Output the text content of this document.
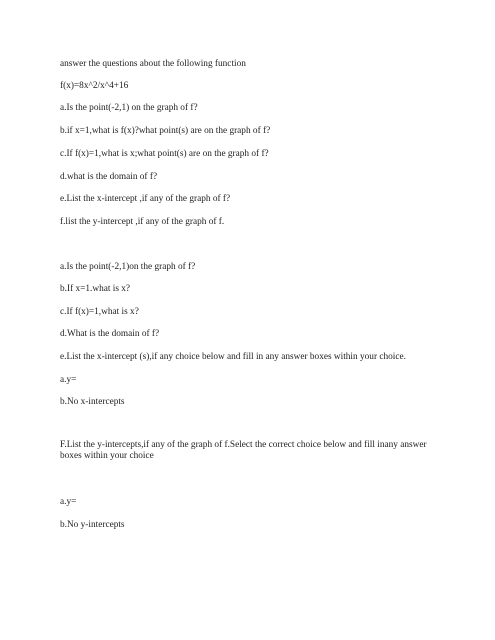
answer the questions about the following function
f(x)=8x^2/x^4+16
a.Is the point(-2,1) on the graph of f?
b.if x=1,what is f(x)?what point(s) are on the graph of f?
c.If f(x)=1,what is x;what point(s) are on the graph of f?
d.what is the domain of f?
e.List the x-intercept ,if any of the graph of f?
f.list the y-intercept ,if any of the graph of f.
a.Is the point(-2,1)on the graph of f?
b.If x=1.what is x?
c.If f(x)=1,what is x?
d.What is the domain of f?
e.List the x-intercept (s),if any choice below and fill in any answer boxes within your choice.
a.y=
b.No x-intercepts
F.List the y-intercepts,if any of the graph of f.Select the correct choice below and fill inany answer boxes within your choice
a.y=
b.No y-intercepts
